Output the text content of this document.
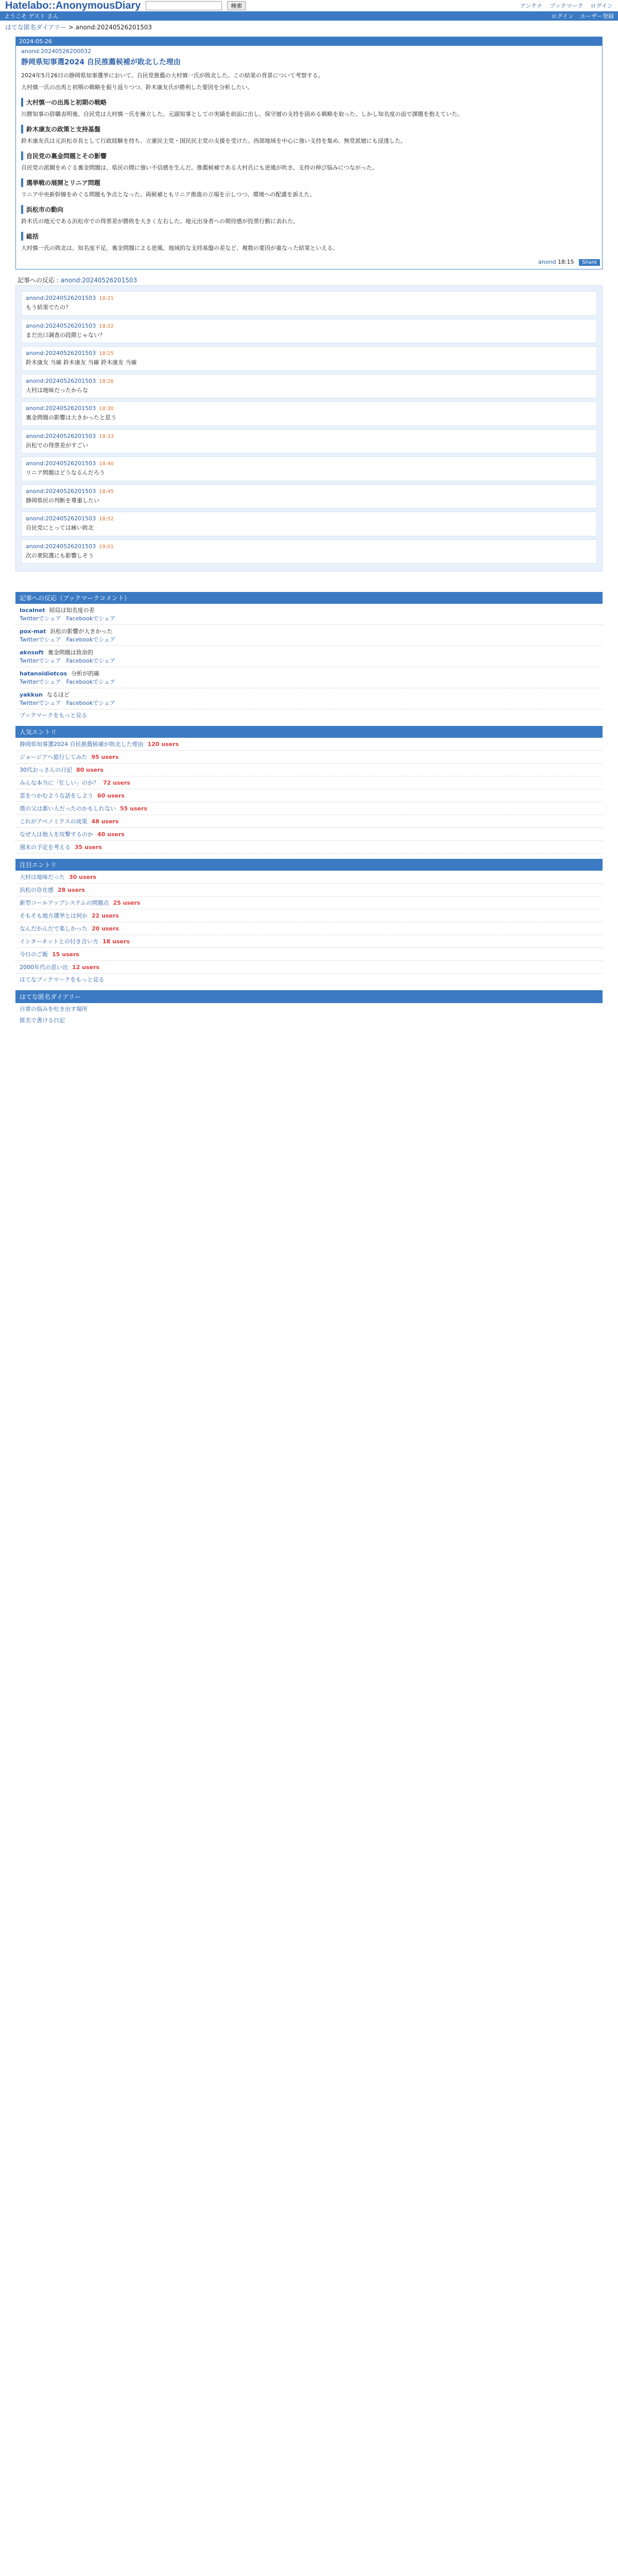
Hatelabo::AnonymousDiary	検索	アンテナ ブックマーク ログイン
ようこそ ゲスト さん	ログイン ユーザー登録
はてな匿名ダイアリー > anond:20240526201503
2024-05-26
anond:20240526200032
静岡県知事選2024 自民推薦候補が敗北した理由
2024年5月26日の静岡県知事選挙において、自民党推薦の大村慎一氏が敗北した。この結果の背景について考察する。
大村慎一氏の出馬と初期の戦略を振り返りつつ、鈴木康友氏が勝利した要因を分析したい。
大村慎一の出馬と初期の戦略
川勝知事の辞職表明後、自民党は大村慎一氏を擁立した。元副知事としての実績を前面に出し、保守層の支持を固める戦略を取った。しかし知名度の面で課題を抱えていた。
鈴木康友の政策と支持基盤
鈴木康友氏は元浜松市長として行政経験を持ち、立憲民主党・国民民主党の支援を受けた。西部地域を中心に強い支持を集め、無党派層にも浸透した。
自民党の裏金問題とその影響
自民党の派閥をめぐる裏金問題は、県民の間に強い不信感を生んだ。推薦候補である大村氏にも逆風が吹き、支持の伸び悩みにつながった。
選挙戦の展開とリニア問題
リニア中央新幹線をめぐる問題も争点となった。両候補ともリニア推進の立場を示しつつ、環境への配慮を訴えた。
浜松市の動向
鈴木氏の地元である浜松市での得票差が勝敗を大きく左右した。地元出身者への期待感が投票行動に表れた。
総括
大村慎一氏の敗北は、知名度不足、裏金問題による逆風、地域的な支持基盤の差など、複数の要因が重なった結果といえる。
anond 18:15 Share
記事への反応 : anond:20240526201503
anond:20240526201503 18:21
もう結果でたの？
anond:20240526201503 18:22
まだ出口調査の段階じゃない？
anond:20240526201503 18:25
鈴木康友 当確 鈴木康友 当確 鈴木康友 当確
anond:20240526201503 18:26
大村は地味だったからな
anond:20240526201503 18:30
裏金問題の影響は大きかったと思う
anond:20240526201503 18:33
浜松での得票差がすごい
anond:20240526201503 18:40
リニア問題はどうなるんだろう
anond:20240526201503 18:45
静岡県民の判断を尊重したい
anond:20240526201503 18:52
自民党にとっては痛い敗北
anond:20240526201503 19:01
次の衆院選にも影響しそう
記事への反応（ブックマークコメント）
localnet 結局は知名度の差
Twitterでシェア Facebookでシェア
pox-mat 浜松の影響が大きかった
Twitterでシェア Facebookでシェア
aknsoft 裏金問題は致命的
Twitterでシェア Facebookでシェア
hatanoidiotcos 分析が的確
Twitterでシェア Facebookでシェア
yakkun なるほど
Twitterでシェア Facebookでシェア
ブックマークをもっと見る
人気エントリ
静岡県知事選2024 自民推薦候補が敗北した理由 120 users
ジョージアへ旅行してみた 95 users
30代おっさんの日記 80 users
みんな本当に「忙しい」のか？ 72 users
雲をつかむような話をしよう 60 users
僕の父は悪い人だったのかもしれない 55 users
これがアベノミクスの成果 48 users
なぜ人は他人を攻撃するのか 40 users
週末の予定を考える 35 users
注目エントリ
大村は地味だった 30 users
浜松の存在感 28 users
新型コールアップシステムの問題点 25 users
そもそも地方選挙とは何か 22 users
なんだかんだで楽しかった 20 users
インターネットとの付き合い方 18 users
今日のご飯 15 users
2000年代の思い出 12 users
はてなブックマークをもっと見る
はてな匿名ダイアリー
日常の悩みを吐き出す場所
匿名で書ける日記
